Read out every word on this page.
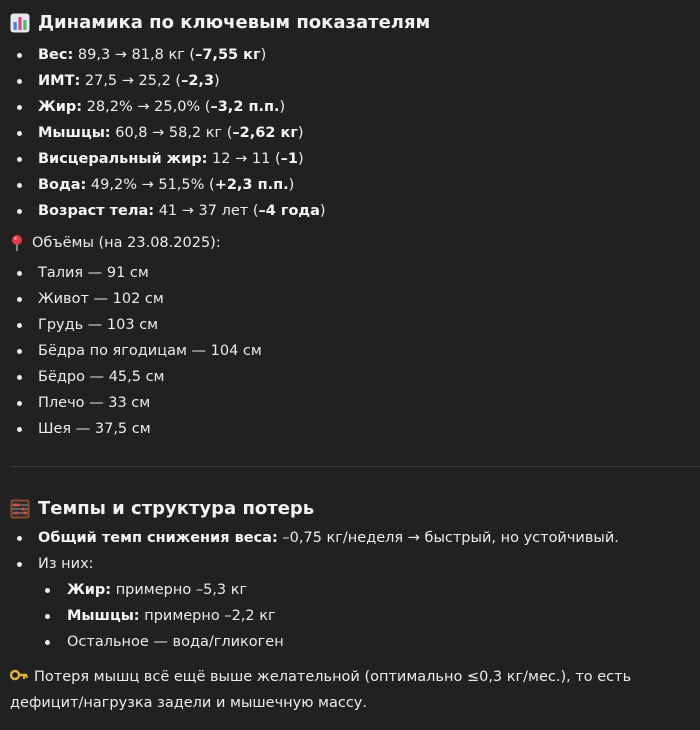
Динамика по ключевым показателям
Вес: 89,3 → 81,8 кг (–7,55 кг)
ИМТ: 27,5 → 25,2 (–2,3)
Жир: 28,2% → 25,0% (–3,2 п.п.)
Мышцы: 60,8 → 58,2 кг (–2,62 кг)
Висцеральный жир: 12 → 11 (–1)
Вода: 49,2% → 51,5% (+2,3 п.п.)
Возраст тела: 41 → 37 лет (–4 года)
Объёмы (на 23.08.2025):
Талия — 91 см
Живот — 102 см
Грудь — 103 см
Бёдра по ягодицам — 104 см
Бёдро — 45,5 см
Плечо — 33 см
Шея — 37,5 см
Темпы и структура потерь
Общий темп снижения веса: –0,75 кг/неделя → быстрый, но устойчивый.
Из них:
Жир: примерно –5,3 кг
Мышцы: примерно –2,2 кг
Остальное — вода/гликоген
Потеря мышц всё ещё выше желательной (оптимально ≤0,3 кг/мес.), то есть дефицит/нагрузка задели и мышечную массу.
